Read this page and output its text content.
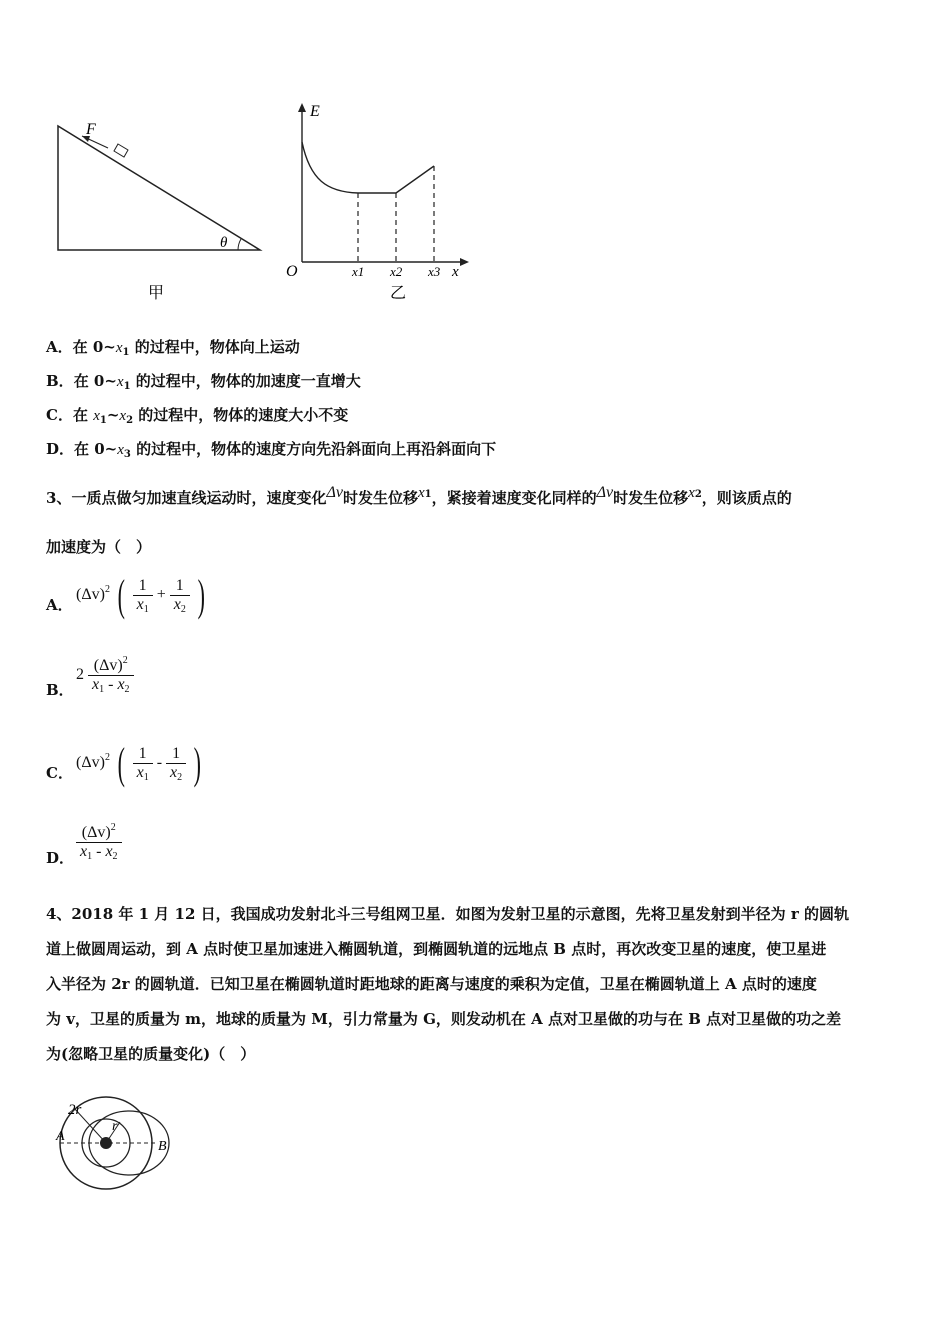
F
θ
甲
E
O	x
x1 x2 x3
乙
A．在 $0\sim x_1$ 的过程中，物体向上运动
B．在 $0\sim x_1$ 的过程中，物体的加速度一直增大
C．在 $x_1\sim x_2$ 的过程中，物体的速度大小不变
D．在 $0\sim x_3$ 的过程中，物体的速度方向先沿斜面向上再沿斜面向下
3、一质点做匀加速直线运动时，速度变化Δv时发生位移$x^1$，紧接着速度变化同样的Δv时发生位移$x^2$，则该质点的
加速度为（　）
A．
$(\Delta v)^2$ ( $\frac{1}{x_1} + \frac{1}{x_2}$ )
B．
$2 \frac{(\Delta v)^2}{x_1 - x_2}$
C．
$(\Delta v)^2$ ( $\frac{1}{x_1} - \frac{1}{x_2}$ )
D． $\frac{(\Delta v)^2}{x_1 - x_2}$
4、2018 年 1 月 12 日，我国成功发射北斗三号组网卫星．如图为发射卫星的示意图，先将卫星发射到半径为 r 的圆轨
道上做圆周运动，到 A 点时使卫星加速进入椭圆轨道，到椭圆轨道的远地点 B 点时，再次改变卫星的速度，使卫星进
入半径为 2r 的圆轨道．已知卫星在椭圆轨道时距地球的距离与速度的乘积为定值，卫星在椭圆轨道上 A 点时的速度
为 v，卫星的质量为 m，地球的质量为 M，引力常量为 G，则发动机在 A 点对卫星做的功与在 B 点对卫星做的功之差
为(忽略卫星的质量变化)（　）
2r
r
A
B
